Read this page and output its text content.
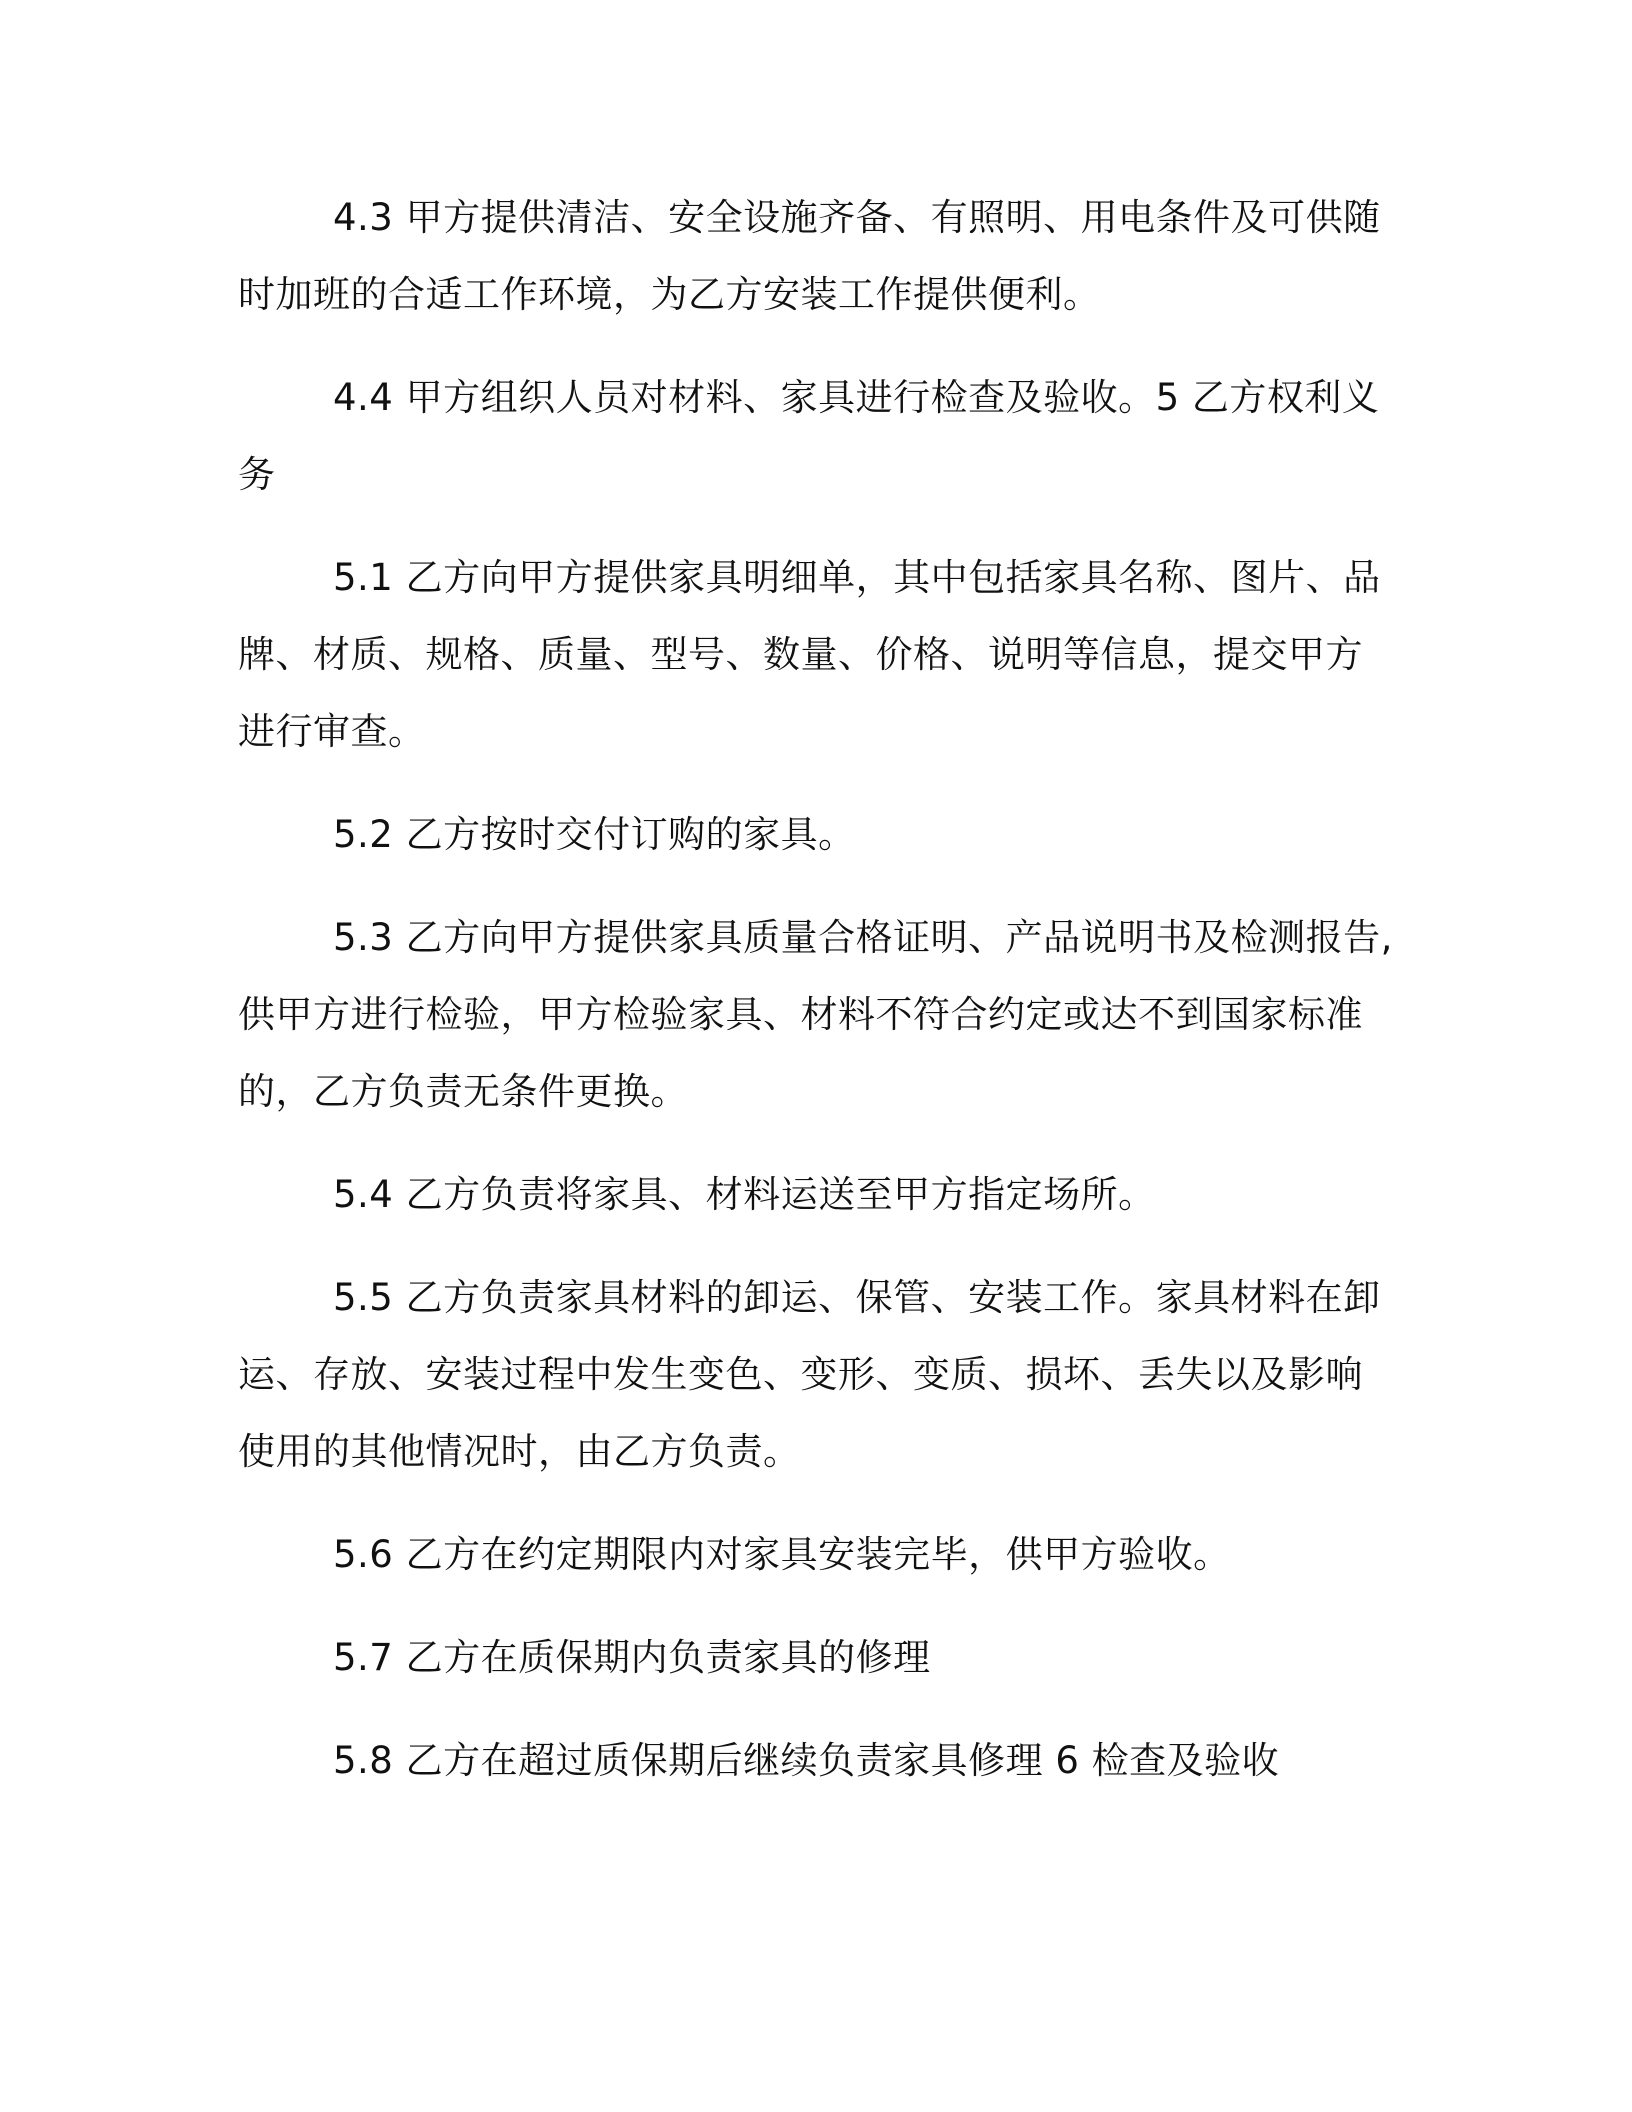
4.3 甲方提供清洁、安全设施齐备、有照明、用电条件及可供随
时加班的合适工作环境，为乙方安装工作提供便利。
4.4 甲方组织人员对材料、家具进行检查及验收。5 乙方权利义
务
5.1 乙方向甲方提供家具明细单，其中包括家具名称、图片、品
牌、材质、规格、质量、型号、数量、价格、说明等信息，提交甲方
进行审查。
5.2 乙方按时交付订购的家具。
5.3 乙方向甲方提供家具质量合格证明、产品说明书及检测报告,
供甲方进行检验，甲方检验家具、材料不符合约定或达不到国家标准
的，乙方负责无条件更换。
5.4 乙方负责将家具、材料运送至甲方指定场所。
5.5 乙方负责家具材料的卸运、保管、安装工作。家具材料在卸
运、存放、安装过程中发生变色、变形、变质、损坏、丢失以及影响
使用的其他情况时，由乙方负责。
5.6 乙方在约定期限内对家具安装完毕，供甲方验收。
5.7 乙方在质保期内负责家具的修理
5.8 乙方在超过质保期后继续负责家具修理 6 检查及验收
